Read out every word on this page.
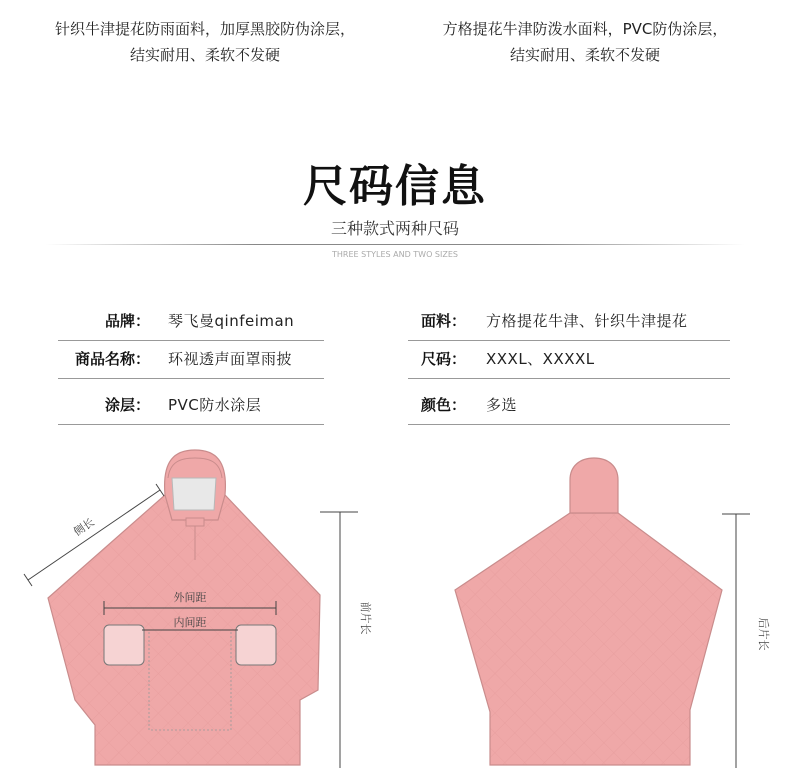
针织牛津提花防雨面料，加厚黑胶防伪涂层，
结实耐用、柔软不发硬
方格提花牛津防泼水面料，PVC防伪涂层，
结实耐用、柔软不发硬
尺码信息
三种款式两种尺码
THREE STYLES AND TWO SIZES
品牌： 琴飞曼qinfeiman
商品名称： 环视透声面罩雨披
涂层： PVC防水涂层
面料： 方格提花牛津、针织牛津提花
尺码： XXXL、XXXXL
颜色： 多选
侧长
外间距
内间距	前片长	后片长
